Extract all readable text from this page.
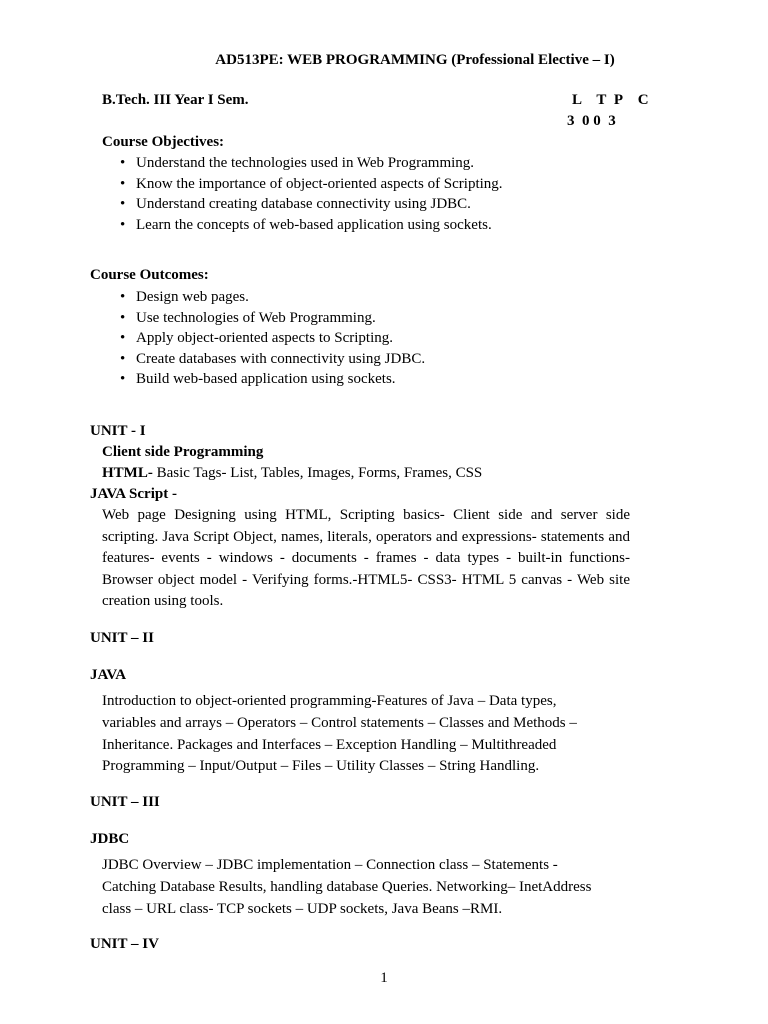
AD513PE: WEB PROGRAMMING (Professional Elective – I)
B.Tech. III Year I Sem.	L  T P  C
3  0 0  3
Course Objectives:
• Understand the technologies used in Web Programming.
• Know the importance of object-oriented aspects of Scripting.
• Understand creating database connectivity using JDBC.
• Learn the concepts of web-based application using sockets.
Course Outcomes:
• Design web pages.
• Use technologies of Web Programming.
• Apply object-oriented aspects to Scripting.
• Create databases with connectivity using JDBC.
• Build web-based application using sockets.
UNIT - I
Client side Programming
HTML- Basic Tags- List, Tables, Images, Forms, Frames, CSS
JAVA Script -
Web page Designing using HTML, Scripting basics- Client side and server side scripting. Java Script Object, names, literals, operators and expressions- statements and features- events - windows - documents - frames - data types - built-in functions- Browser object model - Verifying forms.-HTML5- CSS3- HTML 5 canvas - Web site creation using tools.
UNIT – II
JAVA
Introduction to object-oriented programming-Features of Java – Data types,
variables and arrays – Operators – Control statements – Classes and Methods –
Inheritance. Packages and Interfaces – Exception Handling – Multithreaded
Programming – Input/Output – Files – Utility Classes – String Handling.
UNIT – III
JDBC
JDBC Overview – JDBC implementation – Connection class – Statements -
Catching Database Results, handling database Queries. Networking– InetAddress
class – URL class- TCP sockets – UDP sockets, Java Beans –RMI.
UNIT – IV
1
